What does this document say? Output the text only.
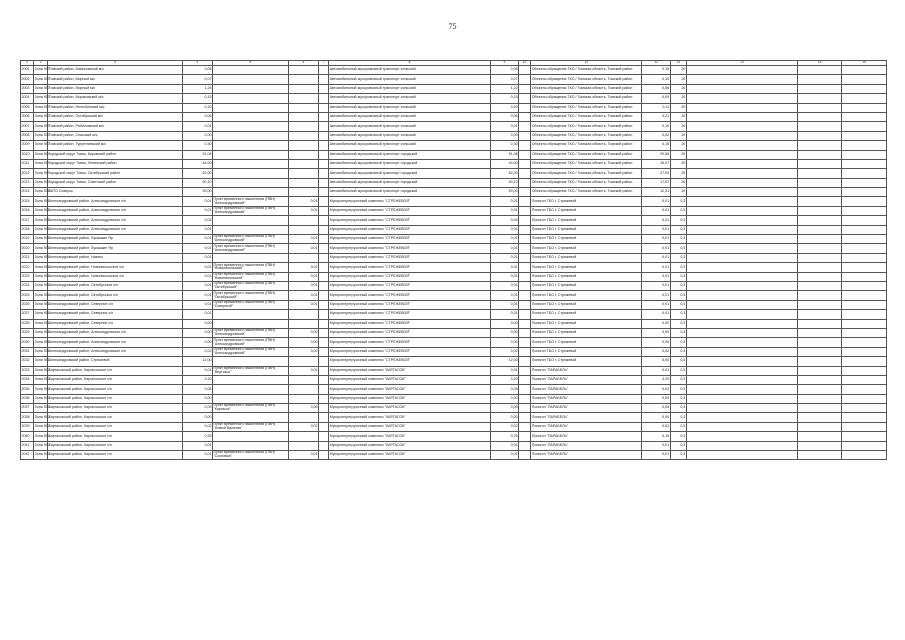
75
1	2	3	4	5	6	7	8	9	10	11	12	13	14	15	16
2001	Зона 907	Томский район, Майоновский м/с	0,05				Автомобильный мусоровозный транспорт сельский	0,05		Объекты обращения ТКО / Томская область, Томский район	0,15	20			
2002	Зона 907	Томский район, Мирный м/с	0,07				Автомобильный мусоровозный транспорт сельский	0,07		Объекты обращения ТКО / Томская область, Томский район	0,10	20			
2003	Зона 907	Томский район, Мирный м/с	1,25				Автомобильный мусоровозный транспорт сельский	1,22		Объекты обращения ТКО / Томская область, Томский район	0,56	20			
2004	Зона 907	Томский район, Моряковский м/с	0,15				Автомобильный мусоровозный транспорт сельский	0,15		Объекты обращения ТКО / Томская область, Томский район	0,09	20			
2005	Зона 907	Томский район, Нелюбинский м/с	0,20				Автомобильный мусоровозный транспорт сельский	0,20		Объекты обращения ТКО / Томская область, Томский район	0,11	20			
2006	Зона 907	Томский район, Октябрьский м/с	0,06				Автомобильный мусоровозный транспорт сельский	0,06		Объекты обращения ТКО / Томская область, Томский район	0,21	20			
2007	Зона 907	Томский район, Рыбаловский м/с	0,01				Автомобильный мусоровозный транспорт сельский	0,01		Объекты обращения ТКО / Томская область, Томский район	0,10	20			
2008	Зона 907	Томский район, Спасский м/с	0,00				Автомобильный мусоровозный транспорт сельский	0,00		Объекты обращения ТКО / Томская область, Томский район	0,02	20			
2009	Зона 907	Томский район, Турунтаевский м/с	0,30				Автомобильный мусоровозный транспорт сельский	0,30		Объекты обращения ТКО / Томская область, Томский район	0,15	20			
2010	Зона 907	городской округ Томск, Кировский район	51,08				Автомобильный мусоровозный транспорт городской	51,08		Объекты обращения ТКО / Томская область, Томский район	20,58	20			
2011	Зона 907	городской округ Томск, Ленинский район	44,00				Автомобильный мусоровозный транспорт городской	44,00		Объекты обращения ТКО / Томская область, Томский район	16,07	20			
2012	Зона 907	городской округ Томск, Октябрьский район	62,00				Автомобильный мусоровозный транспорт городской	62,00		Объекты обращения ТКО / Томская область, Томский район	27,00	20			
2013	Зона 907	городской округ Томск, Советский район	50,10				Автомобильный мусоровозный транспорт городской	50,10		Объекты обращения ТКО / Томская область, Томский район	17,07	20			
2014	Зона 908	ЗАТО Северск	59,00				Автомобильный мусоровозный транспорт городской	59,00		Объекты обращения ТКО / Томская область, Томский район	12,31	20			
2015	Зона 901	Александровский район, Александровское с/п	0,01	Пункт временного накопления (ПВН) "Александровский"	0,01		Мусороперегрузочный комплекс "СТРЕЖЕВОЙ"	0,01		Полигон ТБО г. Стрежевой	0,01	0,3			
2016	Зона 901	Александровский район, Александровское с/п	0,01	Пункт временного накопления (ПВН) "Александровский"	0,01		Мусороперегрузочный комплекс "СТРЕЖЕВОЙ"	0,01		Полигон ТБО г. Стрежевой	0,01	0,3			
2017	Зона 901	Александровский район, Александровское с/п	0,04				Мусороперегрузочный комплекс "СТРЕЖЕВОЙ"	0,04		Полигон ТБО г. Стрежевой	0,01	0,3			
2018	Зона 901	Александровский район, Александровское с/п	0,01				Мусороперегрузочный комплекс "СТРЕЖЕВОЙ"	0,01		Полигон ТБО г. Стрежевой	0,01	0,3			
2019	Зона 901	Александровский район, Лукашкин Яр	0,01	Пункт временного накопления (ПВН) "Александровский"	0,01		Мусороперегрузочный комплекс "СТРЕЖЕВОЙ"	0,01		Полигон ТБО г. Стрежевой	0,01	0,3			
2020	Зона 901	Александровский район, Лукашкин Яр	0,01	Пункт временного накопления (ПВН) "Александровский"	0,01		Мусороперегрузочный комплекс "СТРЕЖЕВОЙ"	0,01		Полигон ТБО г. Стрежевой	0,01	0,3			
2021	Зона 901	Александровский район, Назино	0,01				Мусороперегрузочный комплекс "СТРЕЖЕВОЙ"	0,01		Полигон ТБО г. Стрежевой	0,01	0,3			
2022	Зона 901	Александровский район, Новоникольское с/п	0,01	Пункт временного накопления (ПВН) "Новоникольский"	0,01		Мусороперегрузочный комплекс "СТРЕЖЕВОЙ"	0,01		Полигон ТБО г. Стрежевой	0,01	0,3			
2023	Зона 901	Александровский район, Новоникольское с/п	0,01	Пункт временного накопления (ПВН) "Новоникольский"	0,01		Мусороперегрузочный комплекс "СТРЕЖЕВОЙ"	0,01		Полигон ТБО г. Стрежевой	0,01	0,3			
2024	Зона 901	Александровский район, Октябрьское с/п	0,01	Пункт временного накопления (ПВН) "Октябрьский"	0,01		Мусороперегрузочный комплекс "СТРЕЖЕВОЙ"	0,01		Полигон ТБО г. Стрежевой	0,01	0,3			
2025	Зона 901	Александровский район, Октябрьское с/п	0,01	Пункт временного накопления (ПВН) "Октябрьский"	0,01		Мусороперегрузочный комплекс "СТРЕЖЕВОЙ"	0,01		Полигон ТБО г. Стрежевой	0,01	0,3			
2026	Зона 901	Александровский район, Северное с/п	0,01	Пункт временного накопления (ПВН) "Северный"	0,01		Мусороперегрузочный комплекс "СТРЕЖЕВОЙ"	0,01		Полигон ТБО г. Стрежевой	0,01	0,3			
2027	Зона 901	Александровский район, Северное с/п	0,01				Мусороперегрузочный комплекс "СТРЕЖЕВОЙ"	0,01		Полигон ТБО г. Стрежевой	0,01	0,3			
2028	Зона 901	Александровский район, Северное с/п	0,00				Мусороперегрузочный комплекс "СТРЕЖЕВОЙ"	0,00		Полигон ТБО г. Стрежевой	0,00	0,3			
2029	Зона 901	Александровский район, Александровское с/п	0,00	Пункт временного накопления (ПВН) "Александровский"	0,00		Мусороперегрузочный комплекс "СТРЕЖЕВОЙ"	0,00		Полигон ТБО г. Стрежевой	0,00	0,3			
2030	Зона 901	Александровский район, Александровское с/п	0,00	Пункт временного накопления (ПВН) "Александровский"	0,00		Мусороперегрузочный комплекс "СТРЕЖЕВОЙ"	0,00		Полигон ТБО г. Стрежевой	0,00	0,3			
2031	Зона 901	Александровский район, Александровское с/п	0,02	Пункт временного накопления (ПВН) "Александровский"	0,02		Мусороперегрузочный комплекс "СТРЕЖЕВОЙ"	0,02		Полигон ТБО г. Стрежевой	0,02	0,3			
2032	Зона 901	Александровский район, Стрежевой	12,00				Мусороперегрузочный комплекс "СТРЕЖЕВОЙ"	12,00		Полигон ТБО г. Стрежевой	5,00	0,3			
2033	Зона 902	Каргасокский район, Каргасокское с/п	0,01	Пункт временного накопления (ПВН) "Вертикос"	0,01		Мусороперегрузочный комплекс "КАРГАСОК"	0,01		Полигон "ПАРАБЕЛЬ"	0,01	0,3			
2034	Зона 902	Каргасокский район, Каргасокское с/п	3,20				Мусороперегрузочный комплекс "КАРГАСОК"	3,20		Полигон "ПАРАБЕЛЬ"	3,20	0,3			
2035	Зона 902	Каргасокский район, Каргасокское с/п	0,08				Мусороперегрузочный комплекс "КАРГАСОК"	0,08		Полигон "ПАРАБЕЛЬ"	0,02	0,3			
2036	Зона 902	Каргасокский район, Каргасокское с/п	0,00				Мусороперегрузочный комплекс "КАРГАСОК"	0,00		Полигон "ПАРАБЕЛЬ"	0,00	0,3			
2037	Зона 902	Каргасокский район, Каргасокское с/п	0,05	Пункт временного накопления (ПВН) "Каргасок"	0,05		Мусороперегрузочный комплекс "КАРГАСОК"	0,05		Полигон "ПАРАБЕЛЬ"	0,05	0,3			
2038	Зона 902	Каргасокский район, Каргасокское с/п	0,00				Мусороперегрузочный комплекс "КАРГАСОК"	0,00		Полигон "ПАРАБЕЛЬ"	0,00	0,3			
2039	Зона 902	Каргасокский район, Каргасокское с/п	0,02	Пункт временного накопления (ПВН) "Новый Васюган"	0,02		Мусороперегрузочный комплекс "КАРГАСОК"	0,02		Полигон "ПАРАБЕЛЬ"	0,02	0,3			
2040	Зона 902	Каргасокский район, Каргасокское с/п	0,25				Мусороперегрузочный комплекс "КАРГАСОК"	0,25		Полигон "ПАРАБЕЛЬ"	0,15	0,3			
2041	Зона 902	Каргасокский район, Каргасокское с/п	0,01				Мусороперегрузочный комплекс "КАРГАСОК"	0,01		Полигон "ПАРАБЕЛЬ"	0,01	0,3			
2042	Зона 902	Каргасокский район, Каргасокское с/п	0,01	Пункт временного накопления (ПВН) "Сосновка"	0,01		Мусороперегрузочный комплекс "КАРГАСОК"	0,01		Полигон "ПАРАБЕЛЬ"	0,01	0,3			
